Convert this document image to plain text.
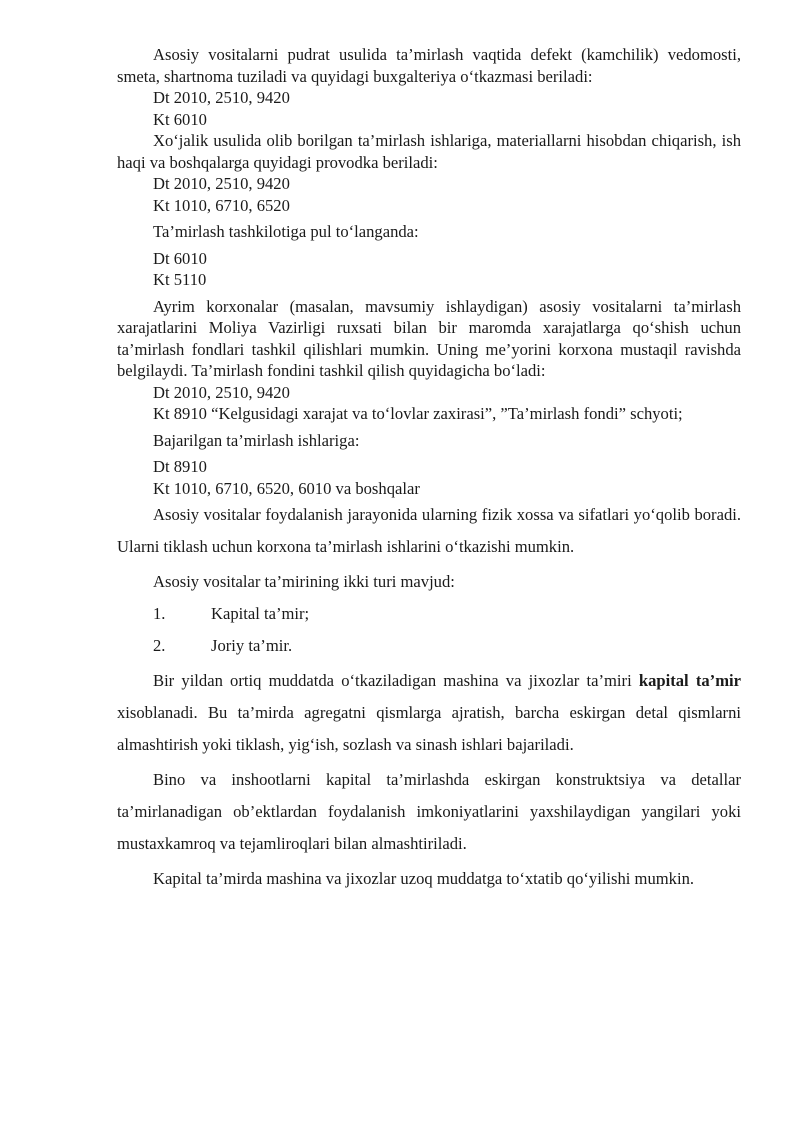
Asosiy vositalarni pudrat usulida ta’mirlash vaqtida defekt (kamchilik) vedomosti, smeta, shartnoma tuziladi va quyidagi buxgalteriya o‘tkazmasi beriladi:

Dt 2010, 2510, 9420

Kt 6010

Xo‘jalik usulida olib borilgan ta’mirlash ishlariga, materiallarni hisobdan chiqarish, ish haqi va boshqalarga quyidagi provodka beriladi:

Dt 2010, 2510, 9420

Kt 1010, 6710, 6520

Ta’mirlash tashkilotiga pul to‘langanda:

Dt 6010

Kt 5110

Ayrim korxonalar (masalan, mavsumiy ishlaydigan) asosiy vositalarni ta’mirlash xarajatlarini Moliya Vazirligi ruxsati bilan bir maromda xarajatlarga qo‘shish uchun ta’mirlash fondlari tashkil qilishlari mumkin. Uning me’yorini korxona mustaqil ravishda belgilaydi. Ta’mirlash fondini tashkil qilish quyidagicha bo‘ladi:

Dt 2010, 2510, 9420

Kt 8910 “Kelgusidagi xarajat va to‘lovlar zaxirasi”, ”Ta’mirlash fondi” schyoti;

Bajarilgan ta’mirlash ishlariga:

Dt 8910

Kt 1010, 6710, 6520, 6010 va boshqalar

Asosiy vositalar foydalanish jarayonida ularning fizik xossa va sifatlari yo‘qolib boradi. Ularni tiklash uchun korxona ta’mirlash ishlarini o‘tkazishi mumkin.

Asosiy vositalar ta’mirining ikki turi mavjud:

1.	Kapital ta’mir;
2.	Joriy ta’mir.

Bir yildan ortiq muddatda o‘tkaziladigan mashina va jixozlar ta’miri kapital ta’mir xisoblanadi. Bu ta’mirda agregatni qismlarga ajratish, barcha eskirgan detal qismlarni almashtirish yoki tiklash, yig‘ish, sozlash va sinash ishlari bajariladi.

Bino va inshootlarni kapital ta’mirlashda eskirgan konstruktsiya va detallar ta’mirlanadigan ob’ektlardan foydalanish imkoniyatlarini yaxshilaydigan yangilari yoki mustaxkamroq va tejamliroqlari bilan almashtiriladi.

Kapital ta’mirda mashina va jixozlar uzoq muddatga to‘xtatib qo‘yilishi mumkin.
